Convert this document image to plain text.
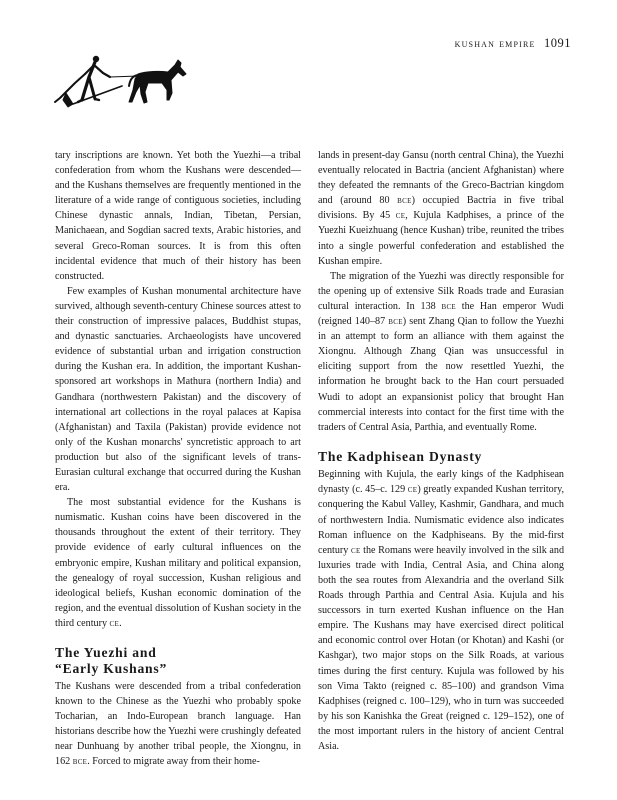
kushan empire 1091

tary inscriptions are known. Yet both the Yuezhi—a tribal confederation from whom the Kushans were descended—and the Kushans themselves are frequently mentioned in the literature of a wide range of contiguous societies, including Chinese dynastic annals, Indian, Tibetan, Persian, Manichaean, and Sogdian sacred texts, Arabic histories, and several Greco-Roman sources. It is from this often incidental evidence that much of their history has been constructed.

Few examples of Kushan monumental architecture have survived, although seventh-century Chinese sources attest to their construction of impressive palaces, Buddhist stupas, and dynastic sanctuaries. Archaeologists have uncovered evidence of substantial urban and irrigation construction during the Kushan era. In addition, the important Kushan-sponsored art workshops in Mathura (northern India) and Gandhara (northwestern Pakistan) and the discovery of international art collections in the royal palaces at Kapisa (Afghanistan) and Taxila (Pakistan) provide evidence not only of the Kushan monarchs' syncretistic approach to art production but also of the significant levels of trans-Eurasian cultural exchange that occurred during the Kushan era.

The most substantial evidence for the Kushans is numismatic. Kushan coins have been discovered in the thousands throughout the extent of their territory. They provide evidence of early cultural influences on the embryonic empire, Kushan military and political expansion, the genealogy of royal succession, Kushan religious and ideological beliefs, Kushan economic domination of the region, and the eventual dissolution of Kushan society in the third century ce.

The Yuezhi and
“Early Kushans”

The Kushans were descended from a tribal confederation known to the Chinese as the Yuezhi who probably spoke Tocharian, an Indo-European branch language. Han historians describe how the Yuezhi were crushingly defeated near Dunhuang by another tribal people, the Xiongnu, in 162 bce. Forced to migrate away from their home-

lands in present-day Gansu (north central China), the Yuezhi eventually relocated in Bactria (ancient Afghanistan) where they defeated the remnants of the Greco-Bactrian kingdom and (around 80 bce) occupied Bactria in five tribal divisions. By 45 ce, Kujula Kadphises, a prince of the Yuezhi Kueizhuang (hence Kushan) tribe, reunited the tribes into a single powerful confederation and established the Kushan empire.

The migration of the Yuezhi was directly responsible for the opening up of extensive Silk Roads trade and Eurasian cultural interaction. In 138 bce the Han emperor Wudi (reigned 140–87 bce) sent Zhang Qian to follow the Yuezhi in an attempt to form an alliance with them against the Xiongnu. Although Zhang Qian was unsuccessful in eliciting support from the now resettled Yuezhi, the information he brought back to the Han court persuaded Wudi to adopt an expansionist policy that brought Han commercial interests into contact for the first time with the traders of Central Asia, Parthia, and eventually Rome.

The Kadphisean Dynasty

Beginning with Kujula, the early kings of the Kadphisean dynasty (c. 45–c. 129 ce) greatly expanded Kushan territory, conquering the Kabul Valley, Kashmir, Gandhara, and much of northwestern India. Numismatic evidence also indicates Roman influence on the Kadphiseans. By the mid-first century ce the Romans were heavily involved in the silk and luxuries trade with India, Central Asia, and China along both the sea routes from Alexandria and the overland Silk Roads through Parthia and Central Asia. Kujula and his successors in turn exerted Kushan influence on the Han empire. The Kushans may have exercised direct political and economic control over Hotan (or Khotan) and Kashi (or Kashgar), two major stops on the Silk Roads, at various times during the first century. Kujula was followed by his son Vima Takto (reigned c. 85–100) and grandson Vima Kadphises (reigned c. 100–129), who in turn was succeeded by his son Kanishka the Great (reigned c. 129–152), one of the most important rulers in the history of ancient Central Asia.
